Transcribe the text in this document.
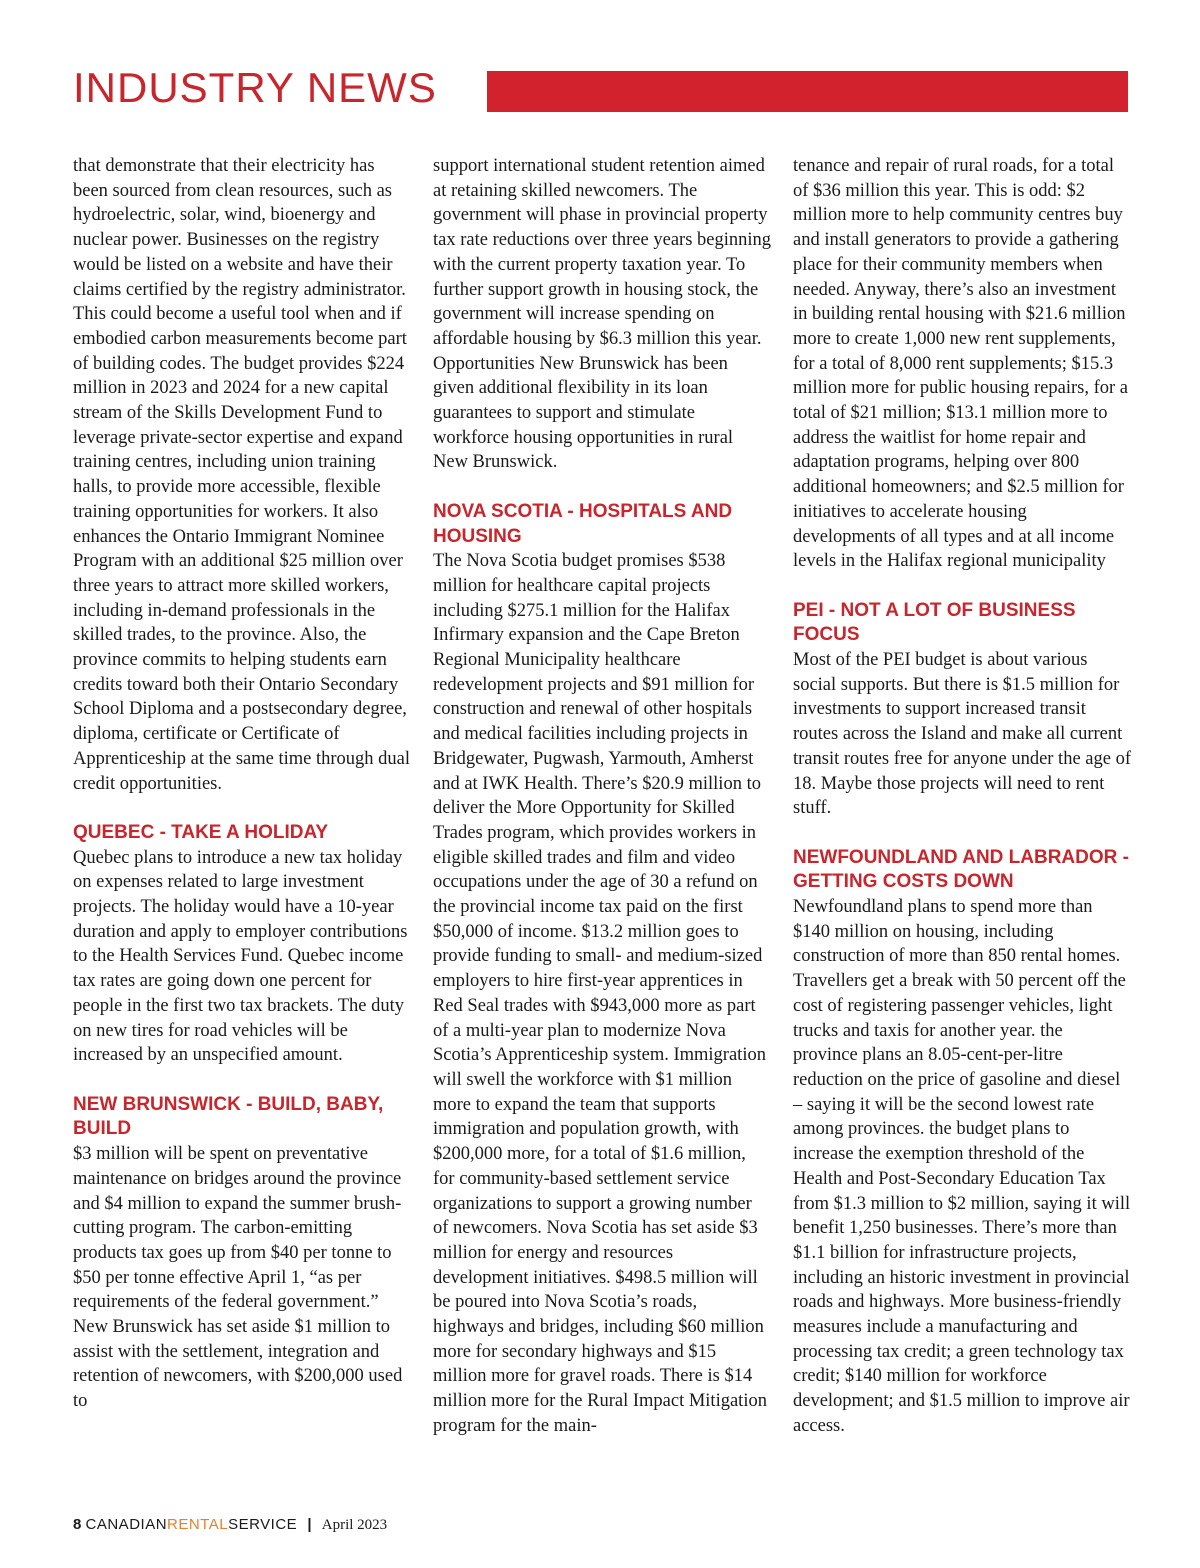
INDUSTRY NEWS

that demonstrate that their electricity has been sourced from clean resources, such as hydroelectric, solar, wind, bioenergy and nuclear power. Businesses on the registry would be listed on a website and have their claims certified by the registry administrator. This could become a useful tool when and if embodied carbon measurements become part of building codes. The budget provides $224 million in 2023 and 2024 for a new capital stream of the Skills Development Fund to leverage private-sector expertise and expand training centres, including union training halls, to provide more accessible, flexible training opportunities for workers. It also enhances the Ontario Immigrant Nominee Program with an additional $25 million over three years to attract more skilled workers, including in-demand professionals in the skilled trades, to the province. Also, the province commits to helping students earn credits toward both their Ontario Secondary School Diploma and a postsecondary degree, diploma, certificate or Certificate of Apprenticeship at the same time through dual credit opportunities.

QUEBEC - TAKE A HOLIDAY

Quebec plans to introduce a new tax holiday on expenses related to large investment projects. The holiday would have a 10-year duration and apply to employer contributions to the Health Services Fund. Quebec income tax rates are going down one percent for people in the first two tax brackets. The duty on new tires for road vehicles will be increased by an unspecified amount.

NEW BRUNSWICK - BUILD, BABY, BUILD

$3 million will be spent on preventative maintenance on bridges around the province and $4 million to expand the summer brush-cutting program. The carbon-emitting products tax goes up from $40 per tonne to $50 per tonne effective April 1, “as per requirements of the federal government.” New Brunswick has set aside $1 million to assist with the settlement, integration and retention of newcomers, with $200,000 used to

support international student retention aimed at retaining skilled newcomers. The government will phase in provincial property tax rate reductions over three years beginning with the current property taxation year. To further support growth in housing stock, the government will increase spending on affordable housing by $6.3 million this year. Opportunities New Brunswick has been given additional flexibility in its loan guarantees to support and stimulate workforce housing opportunities in rural New Brunswick.

NOVA SCOTIA - HOSPITALS AND HOUSING

The Nova Scotia budget promises $538 million for healthcare capital projects including $275.1 million for the Halifax Infirmary expansion and the Cape Breton Regional Municipality healthcare redevelopment projects and $91 million for construction and renewal of other hospitals and medical facilities including projects in Bridgewater, Pugwash, Yarmouth, Amherst and at IWK Health. There’s $20.9 million to deliver the More Opportunity for Skilled Trades program, which provides workers in eligible skilled trades and film and video occupations under the age of 30 a refund on the provincial income tax paid on the first $50,000 of income. $13.2 million goes to provide funding to small- and medium-sized employers to hire first-year apprentices in Red Seal trades with $943,000 more as part of a multi-year plan to modernize Nova Scotia’s Apprenticeship system. Immigration will swell the workforce with $1 million more to expand the team that supports immigration and population growth, with $200,000 more, for a total of $1.6 million, for community-based settlement service organizations to support a growing number of newcomers. Nova Scotia has set aside $3 million for energy and resources development initiatives. $498.5 million will be poured into Nova Scotia’s roads, highways and bridges, including $60 million more for secondary highways and $15 million more for gravel roads. There is $14 million more for the Rural Impact Mitigation program for the main-

tenance and repair of rural roads, for a total of $36 million this year. This is odd: $2 million more to help community centres buy and install generators to provide a gathering place for their community members when needed. Anyway, there’s also an investment in building rental housing with $21.6 million more to create 1,000 new rent supplements, for a total of 8,000 rent supplements; $15.3 million more for public housing repairs, for a total of $21 million; $13.1 million more to address the waitlist for home repair and adaptation programs, helping over 800 additional homeowners; and $2.5 million for initiatives to accelerate housing developments of all types and at all income levels in the Halifax regional municipality

PEI - NOT A LOT OF BUSINESS FOCUS

Most of the PEI budget is about various social supports. But there is $1.5 million for investments to support increased transit routes across the Island and make all current transit routes free for anyone under the age of 18. Maybe those projects will need to rent stuff.

NEWFOUNDLAND AND LABRADOR - GETTING COSTS DOWN

Newfoundland plans to spend more than $140 million on housing, including construction of more than 850 rental homes. Travellers get a break with 50 percent off the cost of registering passenger vehicles, light trucks and taxis for another year. the province plans an 8.05-cent-per-litre reduction on the price of gasoline and diesel – saying it will be the second lowest rate among provinces. the budget plans to increase the exemption threshold of the Health and Post-Secondary Education Tax from $1.3 million to $2 million, saying it will benefit 1,250 businesses. There’s more than $1.1 billion for infrastructure projects, including an historic investment in provincial roads and highways. More business-friendly measures include a manufacturing and processing tax credit; a green technology tax credit; $140 million for workforce development; and $1.5 million to improve air access.

8 CANADIANRENTALSERVICE | April 2023
